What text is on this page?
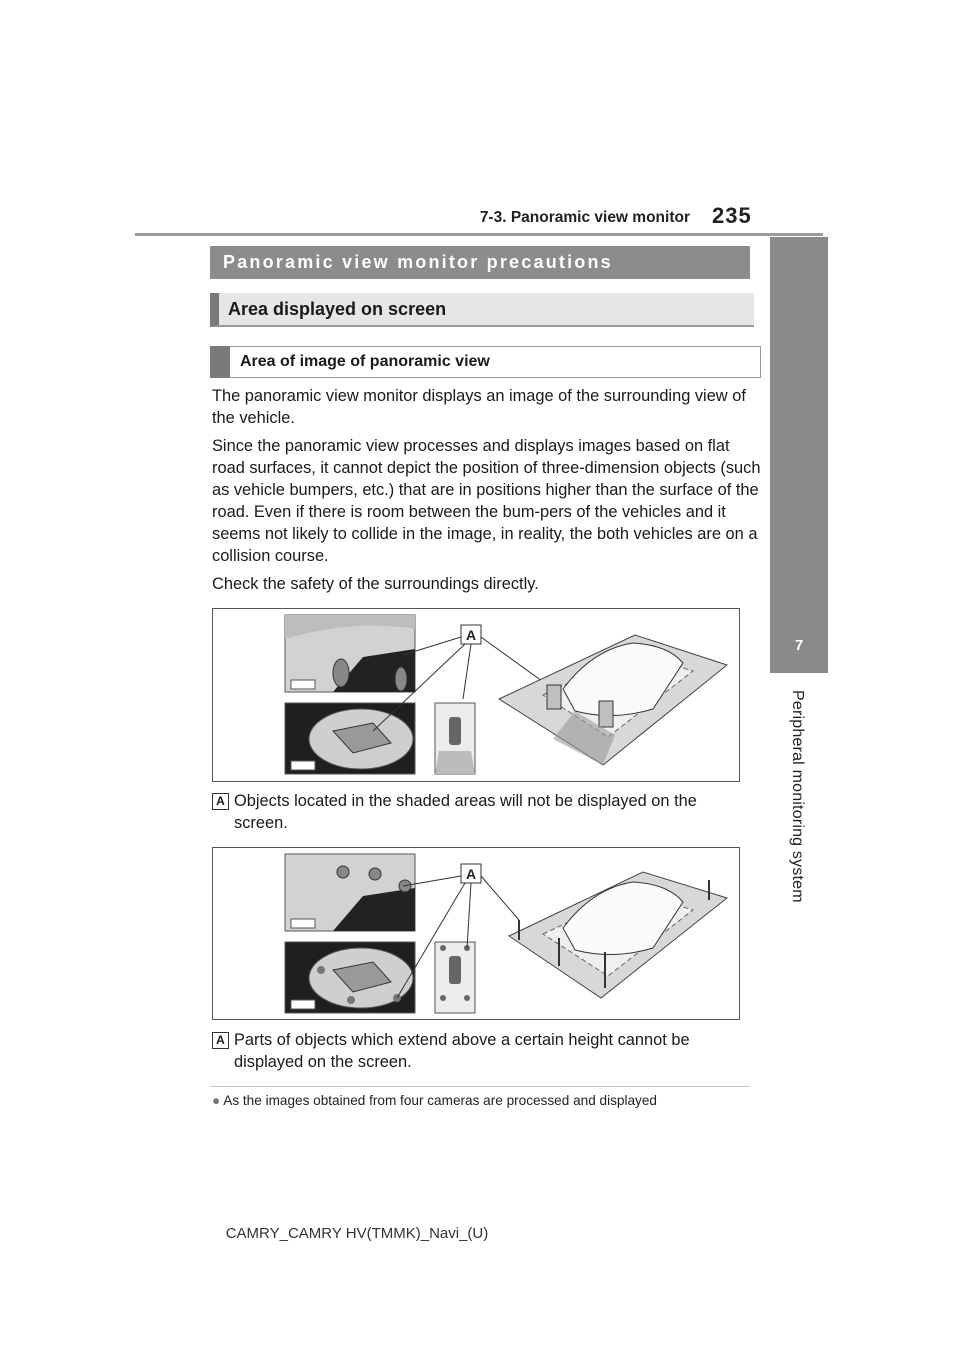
7-3. Panoramic view monitor 235
7
Peripheral monitoring system
Panoramic view monitor precautions
Area displayed on screen
Area of image of panoramic view
The panoramic view monitor displays an image of the surrounding view of the vehicle.
Since the panoramic view processes and displays images based on flat road surfaces, it cannot depict the position of three-dimension objects (such as vehicle bumpers, etc.) that are in positions higher than the surface of the road. Even if there is room between the bum-pers of the vehicles and it seems not likely to collide in the image, in reality, the both vehicles are on a collision course.
Check the safety of the surroundings directly.
A
A Objects located in the shaded areas will not be displayed on the screen.
A
A Parts of objects which extend above a certain height cannot be displayed on the screen.
● As the images obtained from four cameras are processed and displayed
CAMRY_CAMRY HV(TMMK)_Navi_(U)
